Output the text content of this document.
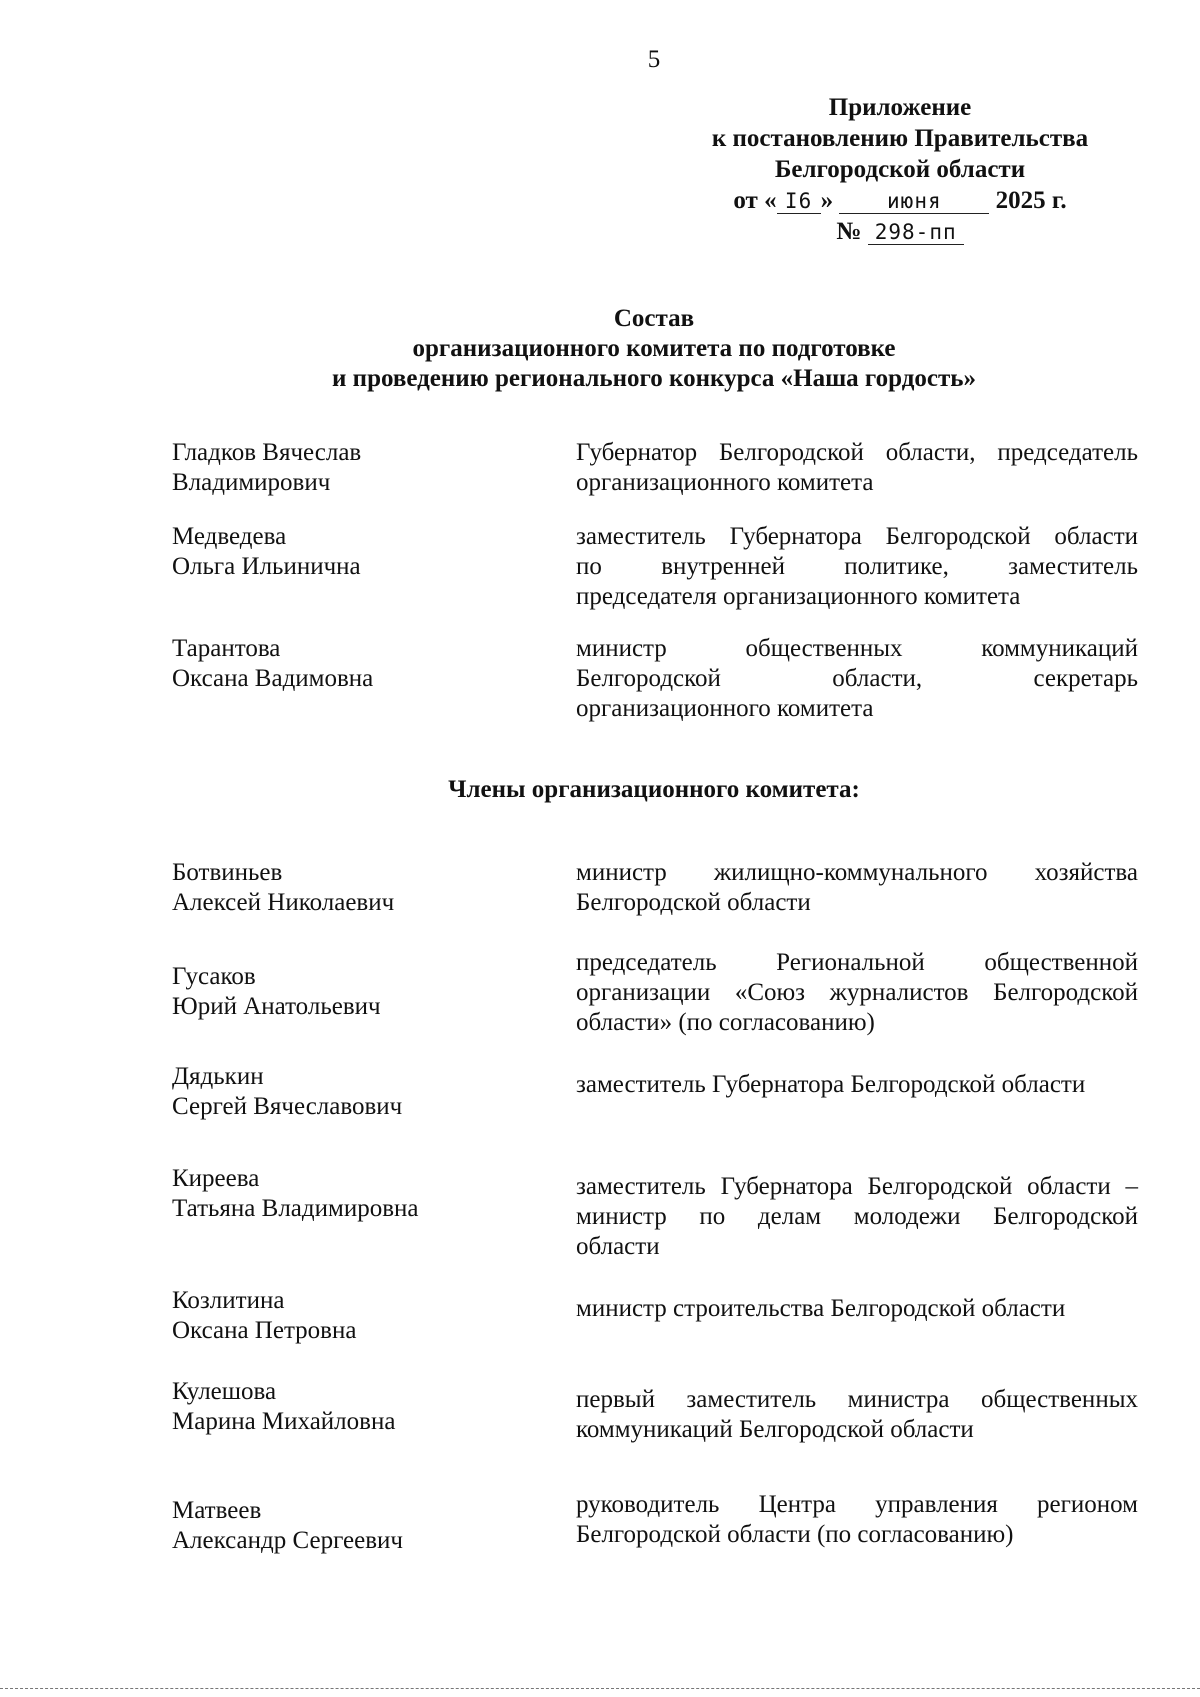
5
Приложение
к постановлению Правительства
Белгородской области
от « I6 »	июня 2025 г.
№ 298-пп
Состав
организационного комитета по подготовке
и проведению регионального конкурса «Наша гордость»
Гладков Вячеслав
Владимирович
Губернатор Белгородской области, председатель
организационного комитета
Медведева
Ольга Ильинична
заместитель Губернатора Белгородской области
по внутренней политике, заместитель
председателя организационного комитета
Тарантова
Оксана Вадимовна
министр общественных коммуникаций
Белгородской области, секретарь
организационного комитета
Члены организационного комитета:
Ботвиньев
Алексей Николаевич
министр жилищно-коммунального хозяйства
Белгородской области
Гусаков
Юрий Анатольевич
председатель Региональной общественной
организации «Союз журналистов Белгородской
области» (по согласованию)
Дядькин
Сергей Вячеславович
заместитель Губернатора Белгородской области
Киреева
Татьяна Владимировна
заместитель Губернатора Белгородской области –
министр по делам молодежи Белгородской
области
Козлитина
Оксана Петровна
министр строительства Белгородской области
Кулешова
Марина Михайловна
первый заместитель министра общественных
коммуникаций Белгородской области
Матвеев
Александр Сергеевич
руководитель Центра управления регионом
Белгородской области (по согласованию)
